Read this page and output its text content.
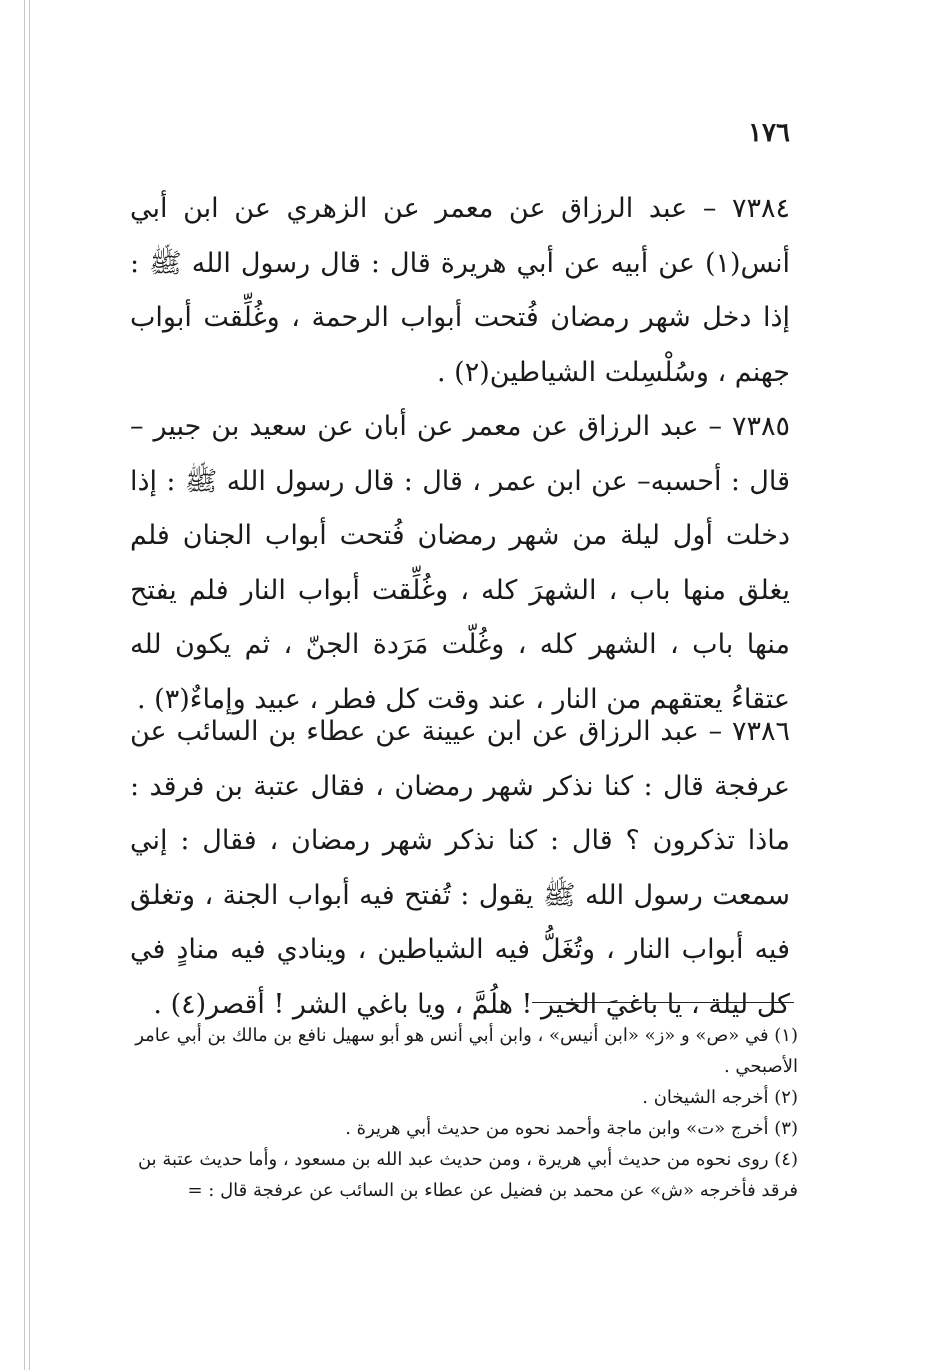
١٧٦

٧٣٨٤ – عبد الرزاق عن معمر عن الزهري عن ابن أبي أنس(١) عن أبيه عن أبي هريرة قال : قال رسول الله ﷺ : إذا دخل شهر رمضان فُتحت أبواب الرحمة ، وغُلِّقت أبواب جهنم ، وسُلْسِلت الشياطين(٢) .

٧٣٨٥ – عبد الرزاق عن معمر عن أبان عن سعيد بن جبير – قال : أحسبه– عن ابن عمر ، قال : قال رسول الله ﷺ : إذا دخلت أول ليلة من شهر رمضان فُتحت أبواب الجنان فلم يغلق منها باب ، الشهرَ كله ، وغُلِّقت أبواب النار فلم يفتح منها باب ، الشهر كله ، وغُلّت مَرَدة الجنّ ، ثم يكون لله عتقاءُ يعتقهم من النار ، عند وقت كل فطر ، عبيد وإماءٌ(٣) .

٧٣٨٦ – عبد الرزاق عن ابن عيينة عن عطاء بن السائب عن عرفجة قال : كنا نذكر شهر رمضان ، فقال عتبة بن فرقد : ماذا تذكرون ؟ قال : كنا نذكر شهر رمضان ، فقال : إني سمعت رسول الله ﷺ يقول : تُفتح فيه أبواب الجنة ، وتغلق فيه أبواب النار ، وتُغَلُّ فيه الشياطين ، وينادي فيه منادٍ في كل ليلة ، يا باغيَ الخير ! هلُمَّ ، ويا باغي الشر ! أقصر(٤) .

(١) في «ص» و «ز» «ابن أنيس» ، وابن أبي أنس هو أبو سهيل نافع بن مالك بن أبي عامر الأصبحي .

(٢) أخرجه الشيخان .

(٣) أخرج «ت» وابن ماجة وأحمد نحوه من حديث أبي هريرة .

(٤) روى نحوه من حديث أبي هريرة ، ومن حديث عبد الله بن مسعود ، وأما حديث عتبة بن فرقد فأخرجه «ش» عن محمد بن فضيل عن عطاء بن السائب عن عرفجة قال : =
